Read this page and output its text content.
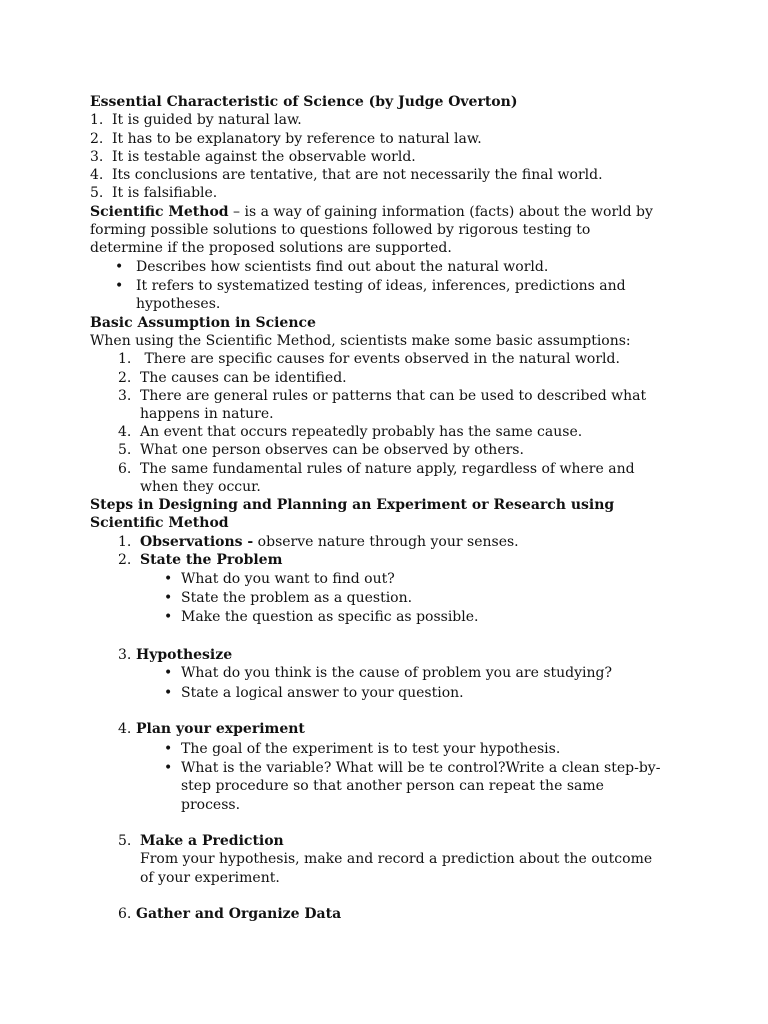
Essential Characteristic of Science (by Judge Overton)
1. It is guided by natural law.
2. It has to be explanatory by reference to natural law.
3. It is testable against the observable world.
4. Its conclusions are tentative, that are not necessarily the final world.
5. It is falsifiable.
Scientific Method – is a way of gaining information (facts) about the world by
forming possible solutions to questions followed by rigorous testing to
determine if the proposed solutions are supported.
• Describes how scientists find out about the natural world.
• It refers to systematized testing of ideas, inferences, predictions and
hypotheses.
Basic Assumption in Science
When using the Scientific Method, scientists make some basic assumptions:
1. There are specific causes for events observed in the natural world.
2. The causes can be identified.
3. There are general rules or patterns that can be used to described what
happens in nature.
4. An event that occurs repeatedly probably has the same cause.
5. What one person observes can be observed by others.
6. The same fundamental rules of nature apply, regardless of where and
when they occur.
Steps in Designing and Planning an Experiment or Research using
Scientific Method
1. Observations - observe nature through your senses.
2. State the Problem
• What do you want to find out?
• State the problem as a question.
• Make the question as specific as possible.
3. Hypothesize
• What do you think is the cause of problem you are studying?
• State a logical answer to your question.
4. Plan your experiment
• The goal of the experiment is to test your hypothesis.
• What is the variable? What will be te control?Write a clean step-by-
step procedure so that another person can repeat the same
process.
5. Make a Prediction
From your hypothesis, make and record a prediction about the outcome
of your experiment.
6. Gather and Organize Data
